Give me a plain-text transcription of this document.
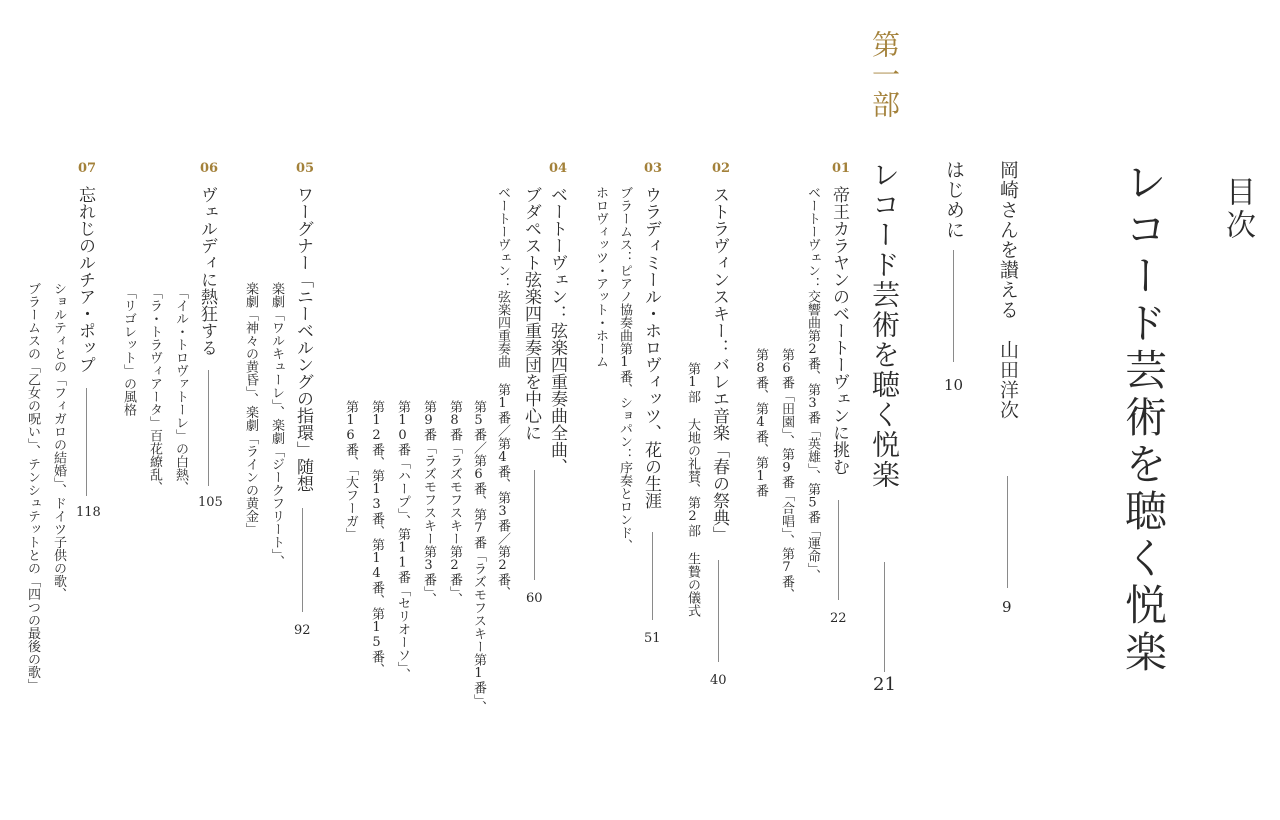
目次
レコード芸術を聴く悦楽
岡崎さんを讃える　山田洋次
9
はじめに
10
第一部
レコード芸術を聴く悦楽
21
01
帝王カラヤンのベートーヴェンに挑む
22
ベートーヴェン：交響曲第2番、第3番「英雄」、第5番「運命」、
第6番「田園」、第9番「合唱」、第7番、
第8番、第4番、第1番
02
ストラヴィンスキー：バレエ音楽「春の祭典」
40
第1部 大地の礼賛、第2部 生贄の儀式
03
ウラディミール・ホロヴィッツ、花の生涯
51
ブラームス：ピアノ協奏曲第1番、ショパン：序奏とロンド、
ホロヴィッツ・アット・ホーム
04
ベートーヴェン：弦楽四重奏曲全曲、
ブダペスト弦楽四重奏団を中心に
60
ベートーヴェン：弦楽四重奏曲 第1番／第4番、第3番／第2番、
第5番／第6番、第7番「ラズモフスキー第1番」、
第8番「ラズモフスキー第2番」、
第9番「ラズモフスキー第3番」、
第10番「ハープ」、第11番「セリオーソ」、
第12番、第13番、第14番、第15番、
第16番、「大フーガ」
05
ワーグナー「ニーベルングの指環」随想
92
楽劇「ワルキューレ」、楽劇「ジークフリート」、
楽劇「神々の黄昏」、楽劇「ラインの黄金」
06
ヴェルディに熱狂する
105
「イル・トロヴァトーレ」の白熱、
「ラ・トラヴィアータ」百花繚乱、
「リゴレット」の風格
07
忘れじのルチア・ポップ
118
ショルティとの「フィガロの結婚」、ドイツ子供の歌、
ブラームスの「乙女の呪い」、テンシュテットとの「四つの最後の歌」
